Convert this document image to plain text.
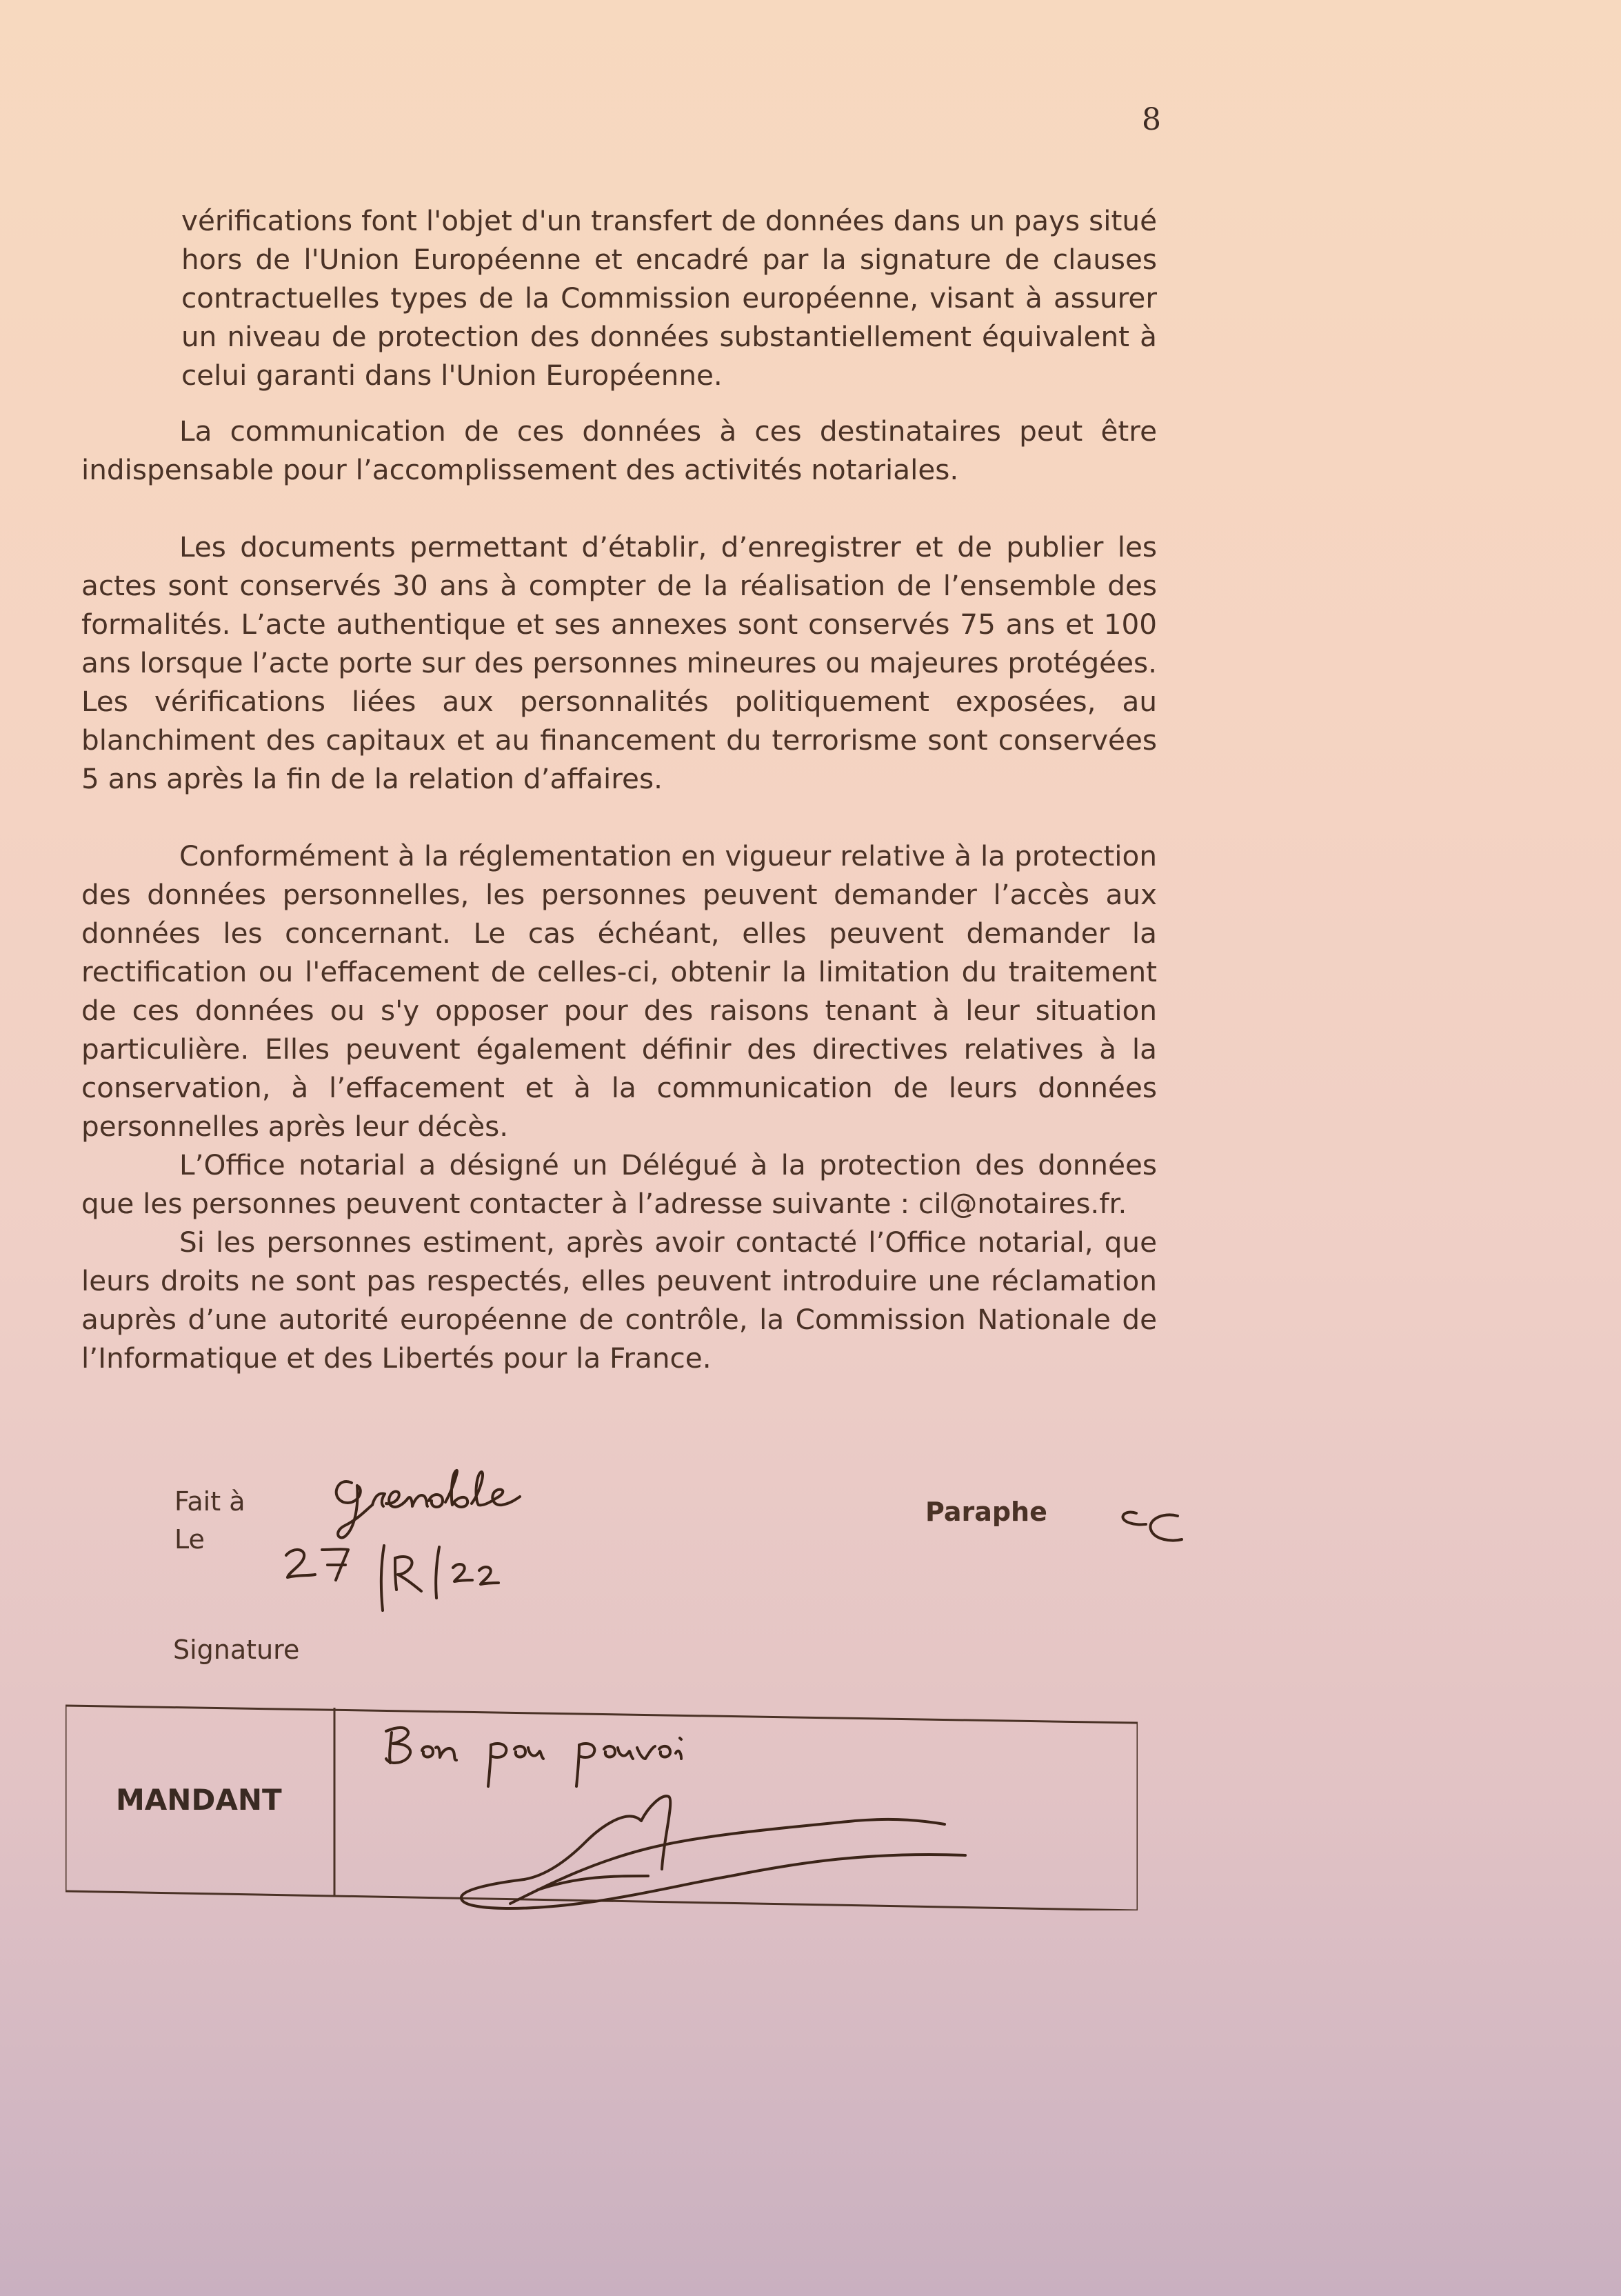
8

vérifications font l'objet d'un transfert de données dans un pays situé hors de l'Union Européenne et encadré par la signature de clauses contractuelles types de la Commission européenne, visant à assurer un niveau de protection des données substantiellement équivalent à celui garanti dans l'Union Européenne.

La communication de ces données à ces destinataires peut être indispensable pour l’accomplissement des activités notariales.

Les documents permettant d’établir, d’enregistrer et de publier les actes sont conservés 30 ans à compter de la réalisation de l’ensemble des formalités. L’acte authentique et ses annexes sont conservés 75 ans et 100 ans lorsque l’acte porte sur des personnes mineures ou majeures protégées. Les vérifications liées aux personnalités politiquement exposées, au blanchiment des capitaux et au financement du terrorisme sont conservées 5 ans après la fin de la relation d’affaires.

Conformément à la réglementation en vigueur relative à la protection des données personnelles, les personnes peuvent demander l’accès aux données les concernant. Le cas échéant, elles peuvent demander la rectification ou l'effacement de celles-ci, obtenir la limitation du traitement de ces données ou s'y opposer pour des raisons tenant à leur situation particulière. Elles peuvent également définir des directives relatives à la conservation, à l’effacement et à la communication de leurs données personnelles après leur décès.

L’Office notarial a désigné un Délégué à la protection des données que les personnes peuvent contacter à l’adresse suivante : cil@notaires.fr.

Si les personnes estiment, après avoir contacté l’Office notarial, que leurs droits ne sont pas respectés, elles peuvent introduire une réclamation auprès d’une autorité européenne de contrôle, la Commission Nationale de l’Informatique et des Libertés pour la France.

Fait à
Le
Paraphe
Signature
MANDANT
